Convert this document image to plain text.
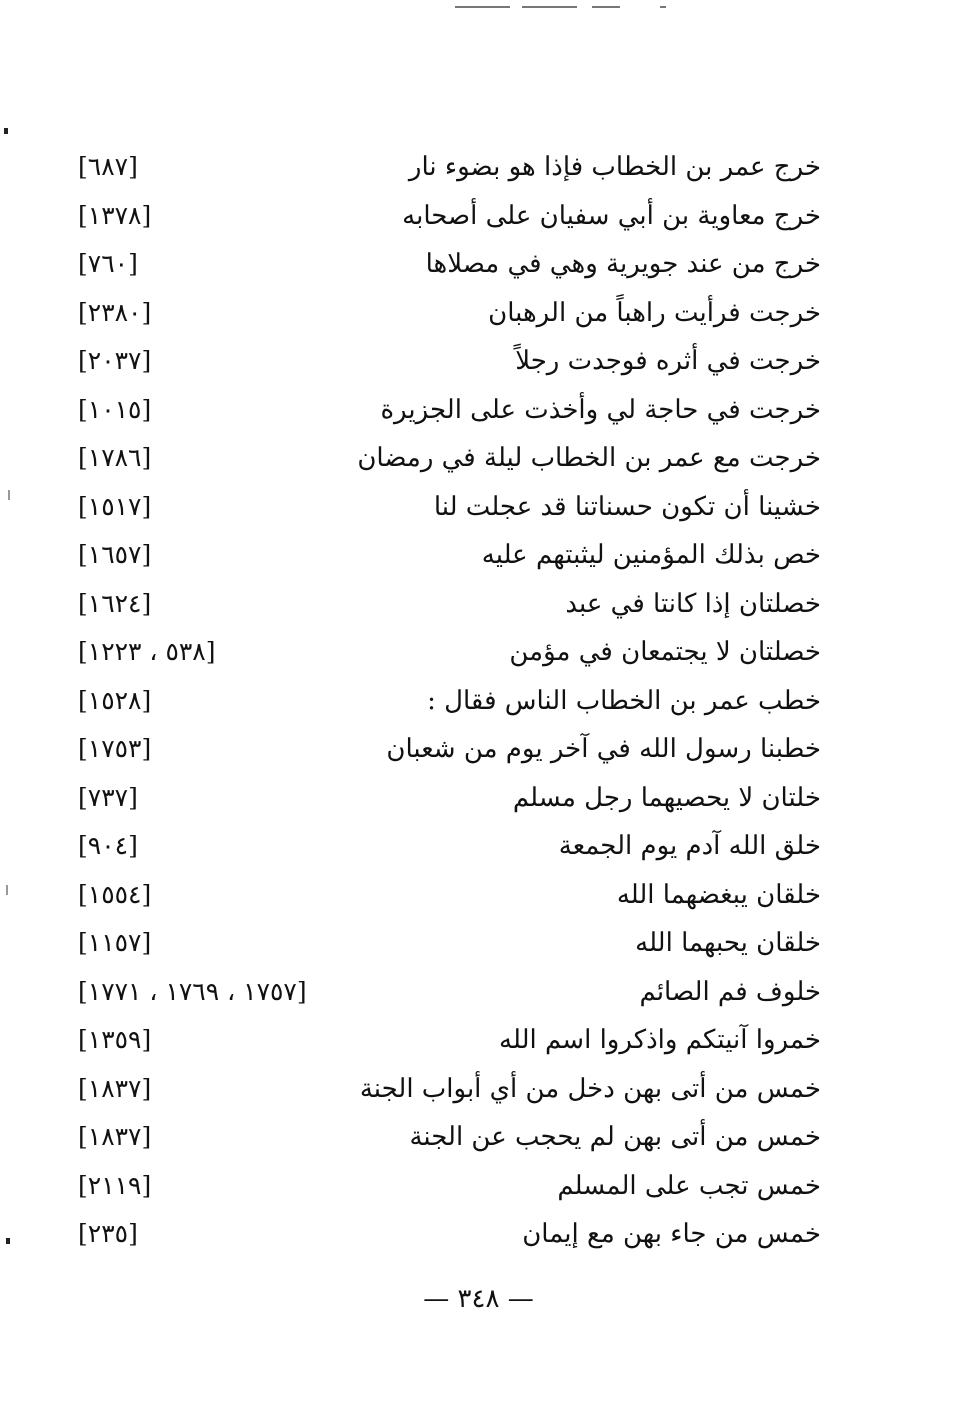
خرج عمر بن الخطاب فإذا هو بضوء نار
[٦٨٧]
خرج معاوية بن أبي سفيان على أصحابه
[١٣٧٨]
خرج من عند جويرية وهي في مصلاها
[٧٦٠]
خرجت فرأيت راهباً من الرهبان
[٢٣٨٠]
خرجت في أثره فوجدت رجلاً
[٢٠٣٧]
خرجت في حاجة لي وأخذت على الجزيرة
[١٠١٥]
خرجت مع عمر بن الخطاب ليلة في رمضان
[١٧٨٦]
خشينا أن تكون حسناتنا قد عجلت لنا
[١٥١٧]
خص بذلك المؤمنين ليثبتهم عليه
[١٦٥٧]
خصلتان إذا كانتا في عبد
[١٦٢٤]
خصلتان لا يجتمعان في مؤمن
[٥٣٨ ، ١٢٢٣]
خطب عمر بن الخطاب الناس فقال :
[١٥٢٨]
خطبنا رسول الله في آخر يوم من شعبان
[١٧٥٣]
خلتان لا يحصيهما رجل مسلم
[٧٣٧]
خلق الله آدم يوم الجمعة
[٩٠٤]
خلقان يبغضهما الله
[١٥٥٤]
خلقان يحبهما الله
[١١٥٧]
خلوف فم الصائم
[١٧٥٧ ، ١٧٦٩ ، ١٧٧١]
خمروا آنيتكم واذكروا اسم الله
[١٣٥٩]
خمس من أتى بهن دخل من أي أبواب الجنة
[١٨٣٧]
خمس من أتى بهن لم يحجب عن الجنة
[١٨٣٧]
خمس تجب على المسلم
[٢١١٩]
خمس من جاء بهن مع إيمان
[٢٣٥]
— ٣٤٨ —
